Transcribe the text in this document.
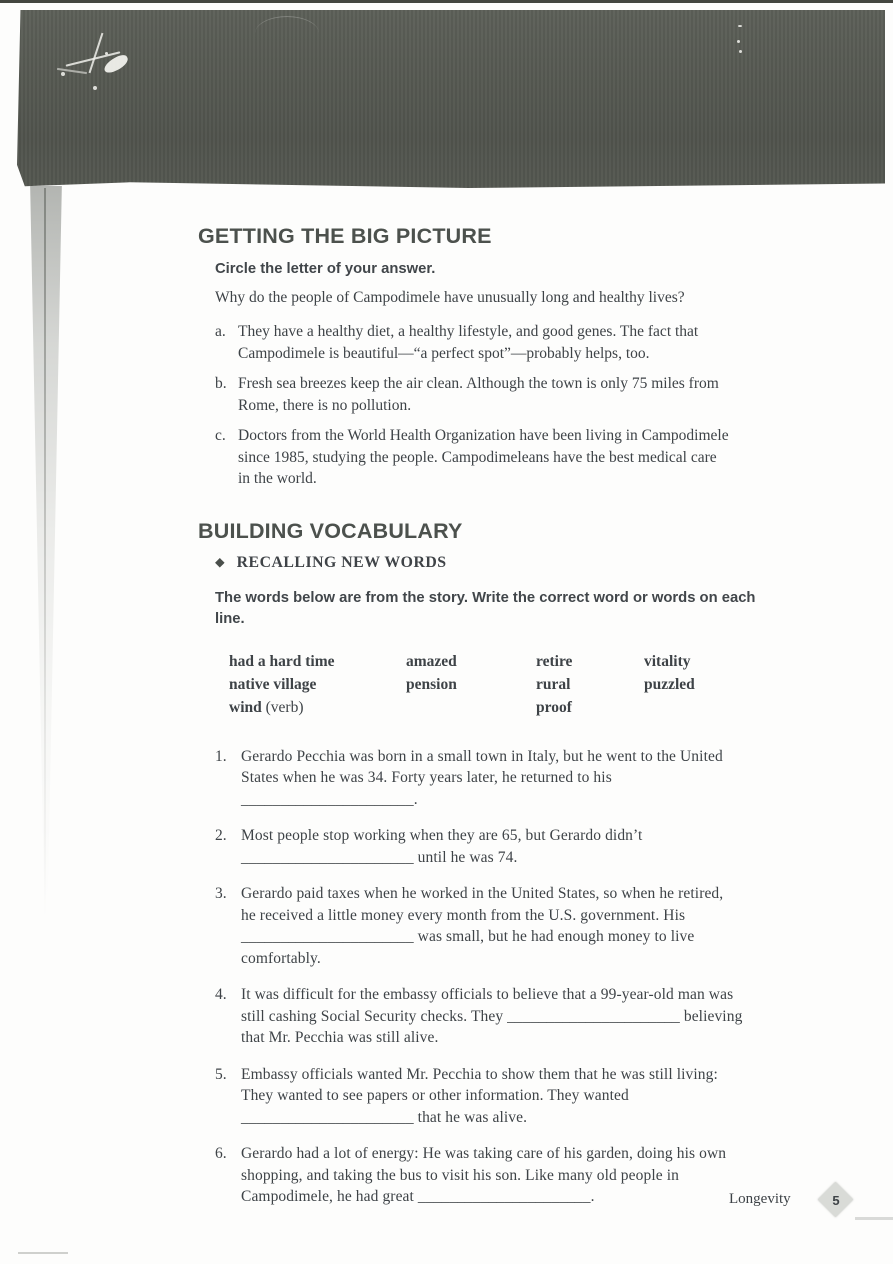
GETTING THE BIG PICTURE
Circle the letter of your answer.
Why do the people of Campodimele have unusually long and healthy lives?
a. They have a healthy diet, a healthy lifestyle, and good genes. The fact that
Campodimele is beautiful—“a perfect spot”—probably helps, too.
b. Fresh sea breezes keep the air clean. Although the town is only 75 miles from
Rome, there is no pollution.
c. Doctors from the World Health Organization have been living in Campodimele
since 1985, studying the people. Campodimeleans have the best medical care
in the world.
BUILDING VOCABULARY
◆ RECALLING NEW WORDS
The words below are from the story. Write the correct word or words on each
line.
had a hard time
native village
wind (verb)
amazed
pension
retire
rural
proof
vitality
puzzled
1. Gerardo Pecchia was born in a small town in Italy, but he went to the United
States when he was 34. Forty years later, he returned to his
______________________.
2. Most people stop working when they are 65, but Gerardo didn’t
______________________ until he was 74.
3. Gerardo paid taxes when he worked in the United States, so when he retired,
he received a little money every month from the U.S. government. His
______________________ was small, but he had enough money to live
comfortably.
4. It was difficult for the embassy officials to believe that a 99-year-old man was
still cashing Social Security checks. They ______________________ believing
that Mr. Pecchia was still alive.
5. Embassy officials wanted Mr. Pecchia to show them that he was still living:
They wanted to see papers or other information. They wanted
______________________ that he was alive.
6. Gerardo had a lot of energy: He was taking care of his garden, doing his own
shopping, and taking the bus to visit his son. Like many old people in
Campodimele, he had great ______________________.	Longevity	5
